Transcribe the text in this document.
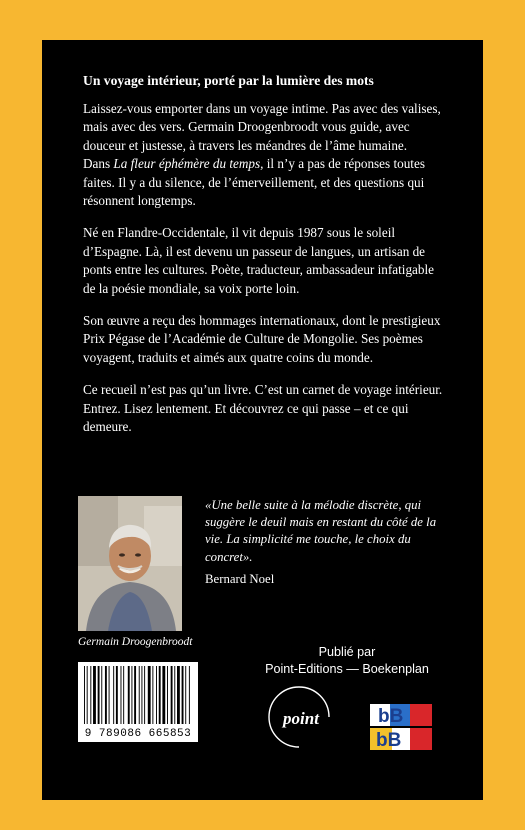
Un voyage intérieur, porté par la lumière des mots

Laissez-vous emporter dans un voyage intime. Pas avec des valises, mais avec des vers. Germain Droogenbroodt vous guide, avec douceur et justesse, à travers les méandres de l’âme humaine.
Dans La fleur éphémère du temps, il n’y a pas de réponses toutes faites. Il y a du silence, de l’émerveillement, et des questions qui résonnent longtemps.

Né en Flandre-Occidentale, il vit depuis 1987 sous le soleil d’Espagne. Là, il est devenu un passeur de langues, un artisan de ponts entre les cultures. Poète, traducteur, ambassadeur infatigable de la poésie mondiale, sa voix porte loin.

Son œuvre a reçu des hommages internationaux, dont le prestigieux Prix Pégase de l’Académie de Culture de Mongolie. Ses poèmes voyagent, traduits et aimés aux quatre coins du monde.

Ce recueil n’est pas qu’un livre. C’est un carnet de voyage intérieur. Entrez. Lisez lentement. Et découvrez ce qui passe – et ce qui demeure.

Germain Droogenbroodt
«Une belle suite à la mélodie discrète, qui suggère le deuil mais en restant du côté de la vie. La simplicité me touche, le choix du concret».
Bernard Noel
9 789086 665853
Publié par
Point-Editions — Boekenplan
point	bB
bB
